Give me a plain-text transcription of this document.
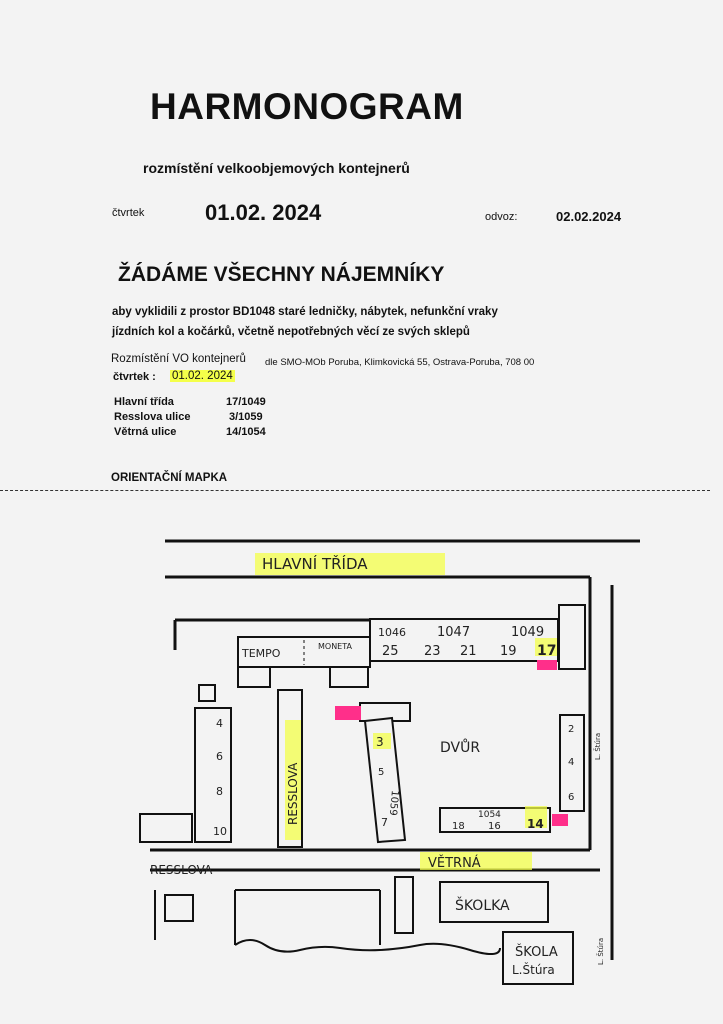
HARMONOGRAM
rozmístění velkoobjemových kontejnerů
čtvrtek	01.02. 2024	odvoz:	02.02.2024
ŽÁDÁME VŠECHNY NÁJEMNÍKY
aby vyklidili z prostor BD1048 staré ledničky, nábytek, nefunkční vraky
jízdních kol a kočárků, včetně nepotřebných věcí ze svých sklepů
Rozmístění VO kontejnerů dle SMO-MOb Poruba, Klimkovická 55, Ostrava-Poruba, 708 00
čtvrtek : 01.02. 2024
Hlavní třída	17/1049
Resslova ulice	3/1059
Větrná ulice	14/1054
ORIENTAČNÍ MAPKA
HLAVNÍ TŘÍDA
TEMPO
MONETA
1046 1047	1049
25 23 21 19 17
DVŮR
RESSLOVA
RESSLOVA	VĚTRNÁ
ŠKOLKA
ŠKOLA
L.Štúra
3
1059
5
7
1054
18 16 14
2
4
6
4
6
8
10
L. Štúra
L. Štúra
